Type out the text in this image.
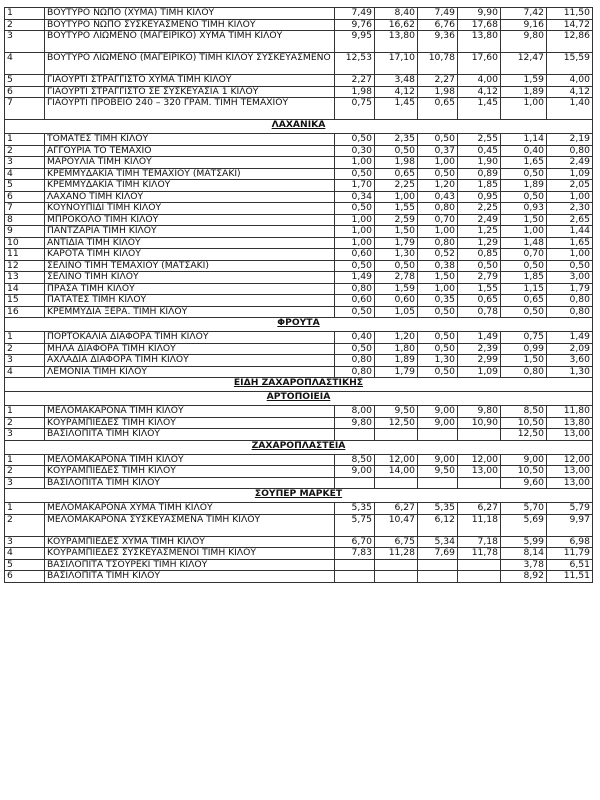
1	ΒΟΥΤΥΡΟ ΝΩΠΟ (ΧΥΜΑ) ΤΙΜΗ ΚΙΛΟΥ	7,49	8,40	7,49	9,90	7,42	11,50
2	ΒΟΥΤΥΡΟ ΝΩΠΟ ΣΥΣΚΕΥΑΣΜΕΝΟ ΤΙΜΗ ΚΙΛΟΥ	9,76	16,62	6,76	17,68	9,16	14,72
3	ΒΟΥΤΥΡΟ ΛΙΩΜΕΝΟ (ΜΑΓΕΙΡΙΚΟ) ΧΥΜΑ ΤΙΜΗ ΚΙΛΟΥ	9,95	13,80	9,36	13,80	9,80	12,86
4	ΒΟΥΤΥΡΟ ΛΙΩΜΕΝΟ (ΜΑΓΕΙΡΙΚΟ) ΤΙΜΗ ΚΙΛΟΥ ΣΥΣΚΕΥΑΣΜΕΝΟ	12,53	17,10	10,78	17,60	12,47	15,59
5	ΓΙΑΟΥΡΤΙ ΣΤΡΑΓΓΙΣΤΟ ΧΥΜΑ ΤΙΜΗ ΚΙΛΟΥ	2,27	3,48	2,27	4,00	1,59	4,00
6	ΓΙΑΟΥΡΤΙ ΣΤΡΑΓΓΙΣΤΟ ΣΕ ΣΥΣΚΕΥΑΣΙΑ 1 ΚΙΛΟΥ	1,98	4,12	1,98	4,12	1,89	4,12
7	ΓΙΑΟΥΡΤΙ ΠΡΟΒΕΙΟ 240 – 320 ΓΡΑΜ. ΤΙΜΗ ΤΕΜΑΧΙΟΥ	0,75	1,45	0,65	1,45	1,00	1,40
ΛΑΧΑΝΙΚΑ							
1	ΤΟΜΑΤΕΣ ΤΙΜΗ ΚΙΛΟΥ	0,50	2,35	0,50	2,55	1,14	2,19
2	ΑΓΓΟΥΡΙΑ ΤΟ ΤΕΜΑΧΙΟ	0,30	0,50	0,37	0,45	0,40	0,80
3	ΜΑΡΟΥΛΙΑ ΤΙΜΗ ΚΙΛΟΥ	1,00	1,98	1,00	1,90	1,65	2,49
4	ΚΡΕΜΜΥΔΑΚΙΑ ΤΙΜΗ ΤΕΜΑΧΙΟΥ (ΜΑΤΣΑΚΙ)	0,50	0,65	0,50	0,89	0,50	1,09
5	ΚΡΕΜΜΥΔΑΚΙΑ ΤΙΜΗ ΚΙΛΟΥ	1,70	2,25	1,20	1,85	1,89	2,05
6	ΛΑΧΑΝΟ ΤΙΜΗ ΚΙΛΟΥ	0,34	1,00	0,43	0,95	0,50	1,00
7	ΚΟΥΝΟΥΠΙΔΙ ΤΙΜΗ ΚΙΛΟΥ	0,50	1,55	0,80	2,25	0,93	2,30
8	ΜΠΡΟΚΟΛΟ ΤΙΜΗ ΚΙΛΟΥ	1,00	2,59	0,70	2,49	1,50	2,65
9	ΠΑΝΤΖΑΡΙΑ ΤΙΜΗ ΚΙΛΟΥ	1,00	1,50	1,00	1,25	1,00	1,44
10	ΑΝΤΙΔΙΑ ΤΙΜΗ ΚΙΛΟΥ	1,00	1,79	0,80	1,29	1,48	1,65
11	ΚΑΡΟΤΑ ΤΙΜΗ ΚΙΛΟΥ	0,60	1,30	0,52	0,85	0,70	1,00
12	ΣΕΛΙΝΟ ΤΙΜΗ ΤΕΜΑΧΙΟΥ (ΜΑΤΣΑΚΙ)	0,50	0,50	0,38	0,50	0,50	0,50
13	ΣΕΛΙΝΟ ΤΙΜΗ ΚΙΛΟΥ	1,49	2,78	1,50	2,79	1,85	3,00
14	ΠΡΑΣΑ ΤΙΜΗ ΚΙΛΟΥ	0,80	1,59	1,00	1,55	1,15	1,79
15	ΠΑΤΑΤΕΣ ΤΙΜΗ ΚΙΛΟΥ	0,60	0,60	0,35	0,65	0,65	0,80
16	ΚΡΕΜΜΥΔΙΑ ΞΕΡΑ. ΤΙΜΗ ΚΙΛΟΥ	0,50	1,05	0,50	0,78	0,50	0,80
ΦΡΟΥΤΑ							
1	ΠΟΡΤΟΚΑΛΙΑ ΔΙΑΦΟΡΑ ΤΙΜΗ ΚΙΛΟΥ	0,40	1,20	0,50	1,49	0,75	1,49
2	ΜΗΛΑ ΔΙΑΦΟΡΑ ΤΙΜΗ ΚΙΛΟΥ	0,50	1,80	0,50	2,39	0,99	2,09
3	ΑΧΛΑΔΙΑ ΔΙΑΦΟΡΑ ΤΙΜΗ ΚΙΛΟΥ	0,80	1,89	1,30	2,99	1,50	3,60
4	ΛΕΜΟΝΙΑ ΤΙΜΗ ΚΙΛΟΥ	0,80	1,79	0,50	1,09	0,80	1,30
ΕΙΔΗ ΖΑΧΑΡΟΠΛΑΣΤΙΚΗΣ							
ΑΡΤΟΠΟΙΕΙΑ							
1	ΜΕΛΟΜΑΚΑΡΟΝΑ ΤΙΜΗ ΚΙΛΟΥ	8,00	9,50	9,00	9,80	8,50	11,80
2	ΚΟΥΡΑΜΠΙΕΔΕΣ ΤΙΜΗ ΚΙΛΟΥ	9,80	12,50	9,00	10,90	10,50	13,80
3	ΒΑΣΙΛΟΠΙΤΑ ΤΙΜΗ ΚΙΛΟΥ					12,50	13,00
ΖΑΧΑΡΟΠΛΑΣΤΕΙΑ							
1	ΜΕΛΟΜΑΚΑΡΟΝΑ ΤΙΜΗ ΚΙΛΟΥ	8,50	12,00	9,00	12,00	9,00	12,00
2	ΚΟΥΡΑΜΠΙΕΔΕΣ ΤΙΜΗ ΚΙΛΟΥ	9,00	14,00	9,50	13,00	10,50	13,00
3	ΒΑΣΙΛΟΠΙΤΑ ΤΙΜΗ ΚΙΛΟΥ					9,60	13,00
ΣΟΥΠΕΡ ΜΑΡΚΕΤ							
1	ΜΕΛΟΜΑΚΑΡΟΝΑ ΧΥΜΑ ΤΙΜΗ ΚΙΛΟΥ	5,35	6,27	5,35	6,27	5,70	5,79
2	ΜΕΛΟΜΑΚΑΡΟΝΑ ΣΥΣΚΕΥΑΣΜΕΝΑ ΤΙΜΗ ΚΙΛΟΥ	5,75	10,47	6,12	11,18	5,69	9,97
3	ΚΟΥΡΑΜΠΙΕΔΕΣ ΧΥΜΑ ΤΙΜΗ ΚΙΛΟΥ	6,70	6,75	5,34	7,18	5,99	6,98
4	ΚΟΥΡΑΜΠΙΕΔΕΣ ΣΥΣΚΕΥΑΣΜΕΝΟΙ ΤΙΜΗ ΚΙΛΟΥ	7,83	11,28	7,69	11,78	8,14	11,79
5	ΒΑΣΙΛΟΠΙΤΑ ΤΣΟΥΡΕΚΙ ΤΙΜΗ ΚΙΛΟΥ					3,78	6,51
6	ΒΑΣΙΛΟΠΙΤΑ ΤΙΜΗ ΚΙΛΟΥ					8,92	11,51
